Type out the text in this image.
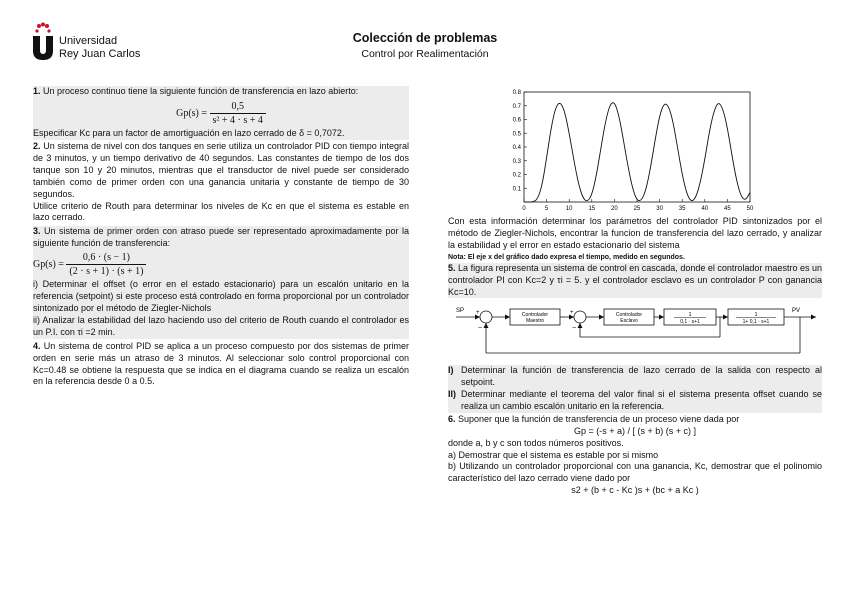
Universidad
Rey Juan Carlos
Colección de problemas
Control por Realimentación

1. Un proceso continuo tiene la siguiente función de transferencia en lazo abierto:

$Gp(s) = \frac{0,5}{\text{s² + 4 · s + 4}}$

Especificar Kc para un factor de amortiguación en lazo cerrado de δ = 0,7072.

2. Un sistema de nivel con dos tanques en serie utiliza un controlador PID con tiempo integral de 3 minutos, y un tiempo derivativo de 40 segundos. Las constantes de tiempo de los dos tanque son 10 y 20 minutos, mientras que el transductor de nivel puede ser considerado también como de primer orden con una ganancia unitaria y constante de tiempo de 30 segundos.

Utilice criterio de Routh para determinar los niveles de Kc en que el sistema es estable en lazo cerrado.

3. Un sistema de primer orden con atraso puede ser representado aproximadamente por la siguiente función de transferencia:

$Gp(s) = \frac{0,6 \cdot (s - 1)}{(2 \cdot s + 1) \cdot (s + 1)}$

i) Determinar el offset (o error en el estado estacionario) para un escalón unitario en la referencia (setpoint) si este proceso está controlado en forma proporcional por un controlador sintonizado por el método de Ziegler-Nichols

ii) Analizar la estabilidad del lazo haciendo uso del criterio de Routh cuando el controlador es un P.I. con τi =2 min.

4. Un sistema de control PID se aplica a un proceso compuesto por dos sistemas de primer orden en serie más un atraso de 3 minutos. Al seleccionar solo control proporcional con Kc=0.48 se obtiene la respuesta que se indica en el diagrama cuando se realiza un escalón en la referencia desde 0 a 0.5.

0	5	10	15	20	25	30	35	40	45	50
0.1
0.2
0.3
0.4
0.5
0.6
0.7
0.8

Con esta información determinar los parámetros del controlador PID sintonizados por el método de Ziegler-Nichols, encontrar la funcion de transferencia del lazo cerrado, y analizar la estabilidad y el error en estado estacionario del sistema

Nota: El eje x del gráfico dado expresa el tiempo, medido en segundos.

5. La figura representa un sistema de control en cascada, donde el controlador maestro es un controlador PI con Kc=2 y τi = 5. y el controlador esclavo es un controlador P con ganancia Kc=10.

SP	PV
+
−
+
−
Controlador
Maestro
Controlador
Esclavo
1
0,1 · s+1
1
1+ 0,1 · s+1
I) Determinar la función de transferencia de lazo cerrado de la salida con respecto al setpoint.
II) Determinar mediante el teorema del valor final si el sistema presenta offset cuando se realiza un cambio escalón unitario en la referencia.

6. Suponer que la función de transferencia de un proceso viene dada por

Gp = (-s + a) / [ (s + b) (s + c) ]

donde a, b y c son todos números positivos.

a) Demostrar que el sistema es estable por si mismo

b) Utilizando un controlador proporcional con una ganancia, Kc, demostrar que el polinomio característico del lazo cerrado viene dado por

s2 + (b + c - Kc )s + (bc + a Kc )
